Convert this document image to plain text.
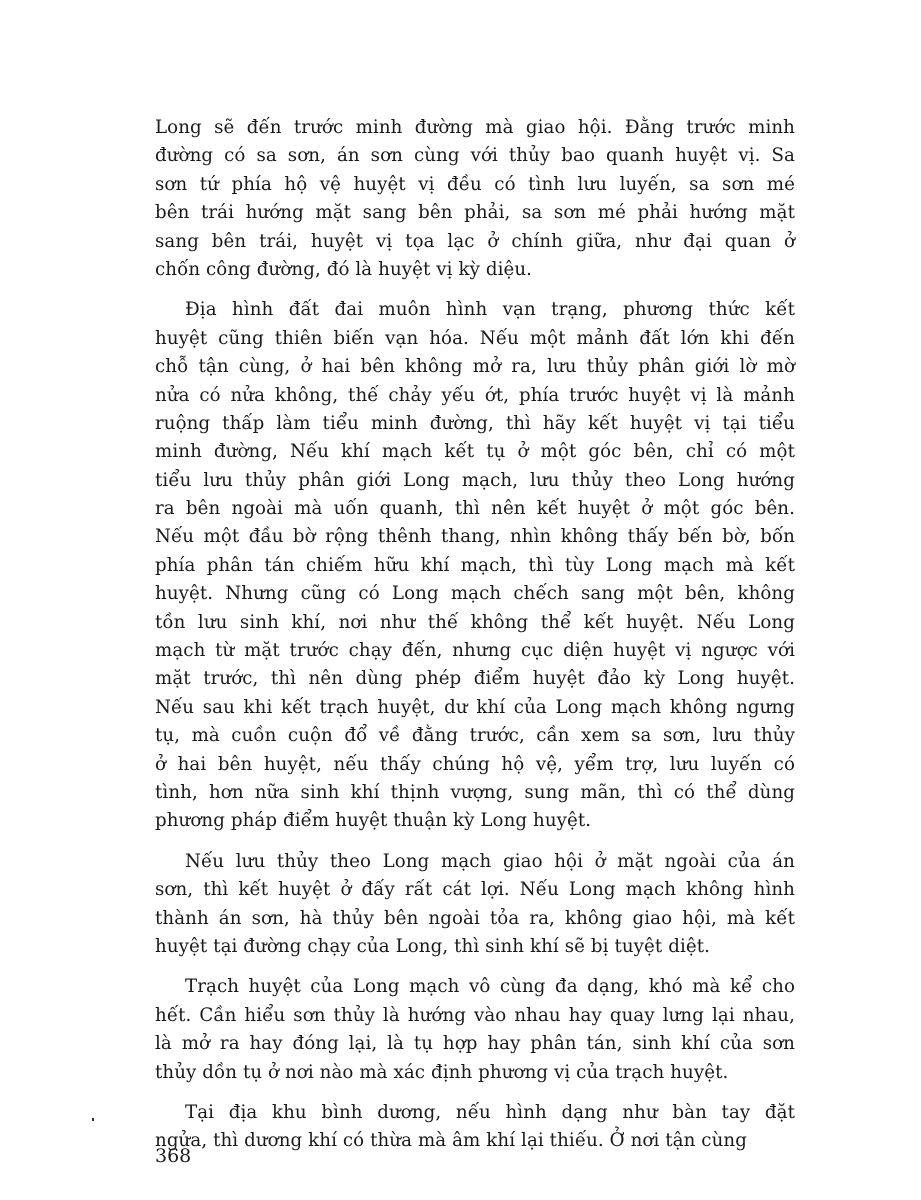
Long sẽ đến trước minh đường mà giao hội. Đằng trước minh
đường có sa sơn, án sơn cùng với thủy bao quanh huyệt vị. Sa
sơn tứ phía hộ vệ huyệt vị đều có tình lưu luyến, sa sơn mé
bên trái hướng mặt sang bên phải, sa sơn mé phải hướng mặt
sang bên trái, huyệt vị tọa lạc ở chính giữa, như đại quan ở
chốn công đường, đó là huyệt vị kỳ diệu.
Địa hình đất đai muôn hình vạn trạng, phương thức kết
huyệt cũng thiên biến vạn hóa. Nếu một mảnh đất lớn khi đến
chỗ tận cùng, ở hai bên không mở ra, lưu thủy phân giới lờ mờ
nửa có nửa không, thế chảy yếu ớt, phía trước huyệt vị là mảnh
ruộng thấp làm tiểu minh đường, thì hãy kết huyệt vị tại tiểu
minh đường, Nếu khí mạch kết tụ ở một góc bên, chỉ có một
tiểu lưu thủy phân giới Long mạch, lưu thủy theo Long hướng
ra bên ngoài mà uốn quanh, thì nên kết huyệt ở một góc bên.
Nếu một đầu bờ rộng thênh thang, nhìn không thấy bến bờ, bốn
phía phân tán chiếm hữu khí mạch, thì tùy Long mạch mà kết
huyệt. Nhưng cũng có Long mạch chếch sang một bên, không
tồn lưu sinh khí, nơi như thế không thể kết huyệt. Nếu Long
mạch từ mặt trước chạy đến, nhưng cục diện huyệt vị ngược với
mặt trước, thì nên dùng phép điểm huyệt đảo kỳ Long huyệt.
Nếu sau khi kết trạch huyệt, dư khí của Long mạch không ngưng
tụ, mà cuồn cuộn đổ về đằng trước, cần xem sa sơn, lưu thủy
ở hai bên huyệt, nếu thấy chúng hộ vệ, yểm trợ, lưu luyến có
tình, hơn nữa sinh khí thịnh vượng, sung mãn, thì có thể dùng
phương pháp điểm huyệt thuận kỳ Long huyệt.
Nếu lưu thủy theo Long mạch giao hội ở mặt ngoài của án
sơn, thì kết huyệt ở đấy rất cát lợi. Nếu Long mạch không hình
thành án sơn, hà thủy bên ngoài tỏa ra, không giao hội, mà kết
huyệt tại đường chạy của Long, thì sinh khí sẽ bị tuyệt diệt.
Trạch huyệt của Long mạch vô cùng đa dạng, khó mà kể cho
hết. Cần hiểu sơn thủy là hướng vào nhau hay quay lưng lại nhau,
là mở ra hay đóng lại, là tụ hợp hay phân tán, sinh khí của sơn
thủy dồn tụ ở nơi nào mà xác định phương vị của trạch huyệt.
Tại địa khu bình dương, nếu hình dạng như bàn tay đặt
ngửa, thì dương khí có thừa mà âm khí lại thiếu. Ở nơi tận cùng
368
